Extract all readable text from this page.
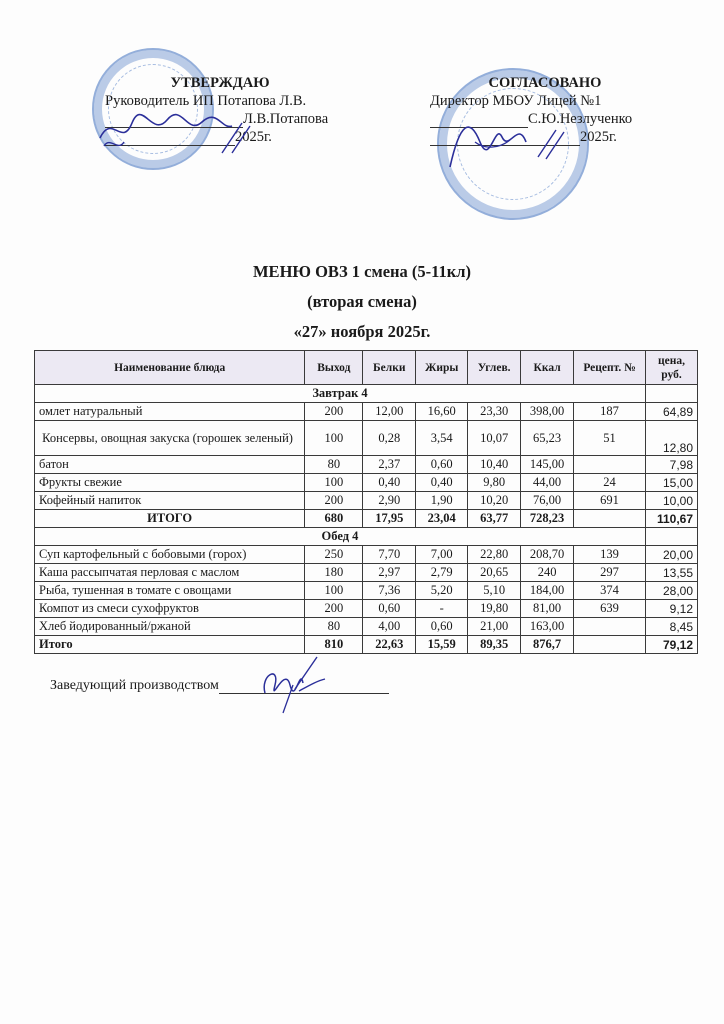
УТВЕРЖДАЮ
Руководитель ИП Потапова Л.В.
Л.В.Потапова
2025г.
СОГЛАСОВАНО
Директор МБОУ Лицей №1
С.Ю.Незлученко
2025г.
МЕНЮ ОВЗ 1 смена (5-11кл)
(вторая смена)
«27» ноября 2025г.
Наименование блюда	Выход	Белки	Жиры	Углев.	Ккал	Рецепт. №	цена, руб.
Завтрак 4							
омлет натуральный	200	12,00	16,60	23,30	398,00	187	64,89
Консервы, овощная закуска (горошек зеленый)	100	0,28	3,54	10,07	65,23	51	12,80
батон	80	2,37	0,60	10,40	145,00		7,98
Фрукты свежие	100	0,40	0,40	9,80	44,00	24	15,00
Кофейный напиток	200	2,90	1,90	10,20	76,00	691	10,00
ИТОГО	680	17,95	23,04	63,77	728,23		110,67
Обед 4							
Суп картофельный с бобовыми (горох)	250	7,70	7,00	22,80	208,70	139	20,00
Каша рассыпчатая перловая с маслом	180	2,97	2,79	20,65	240	297	13,55
Рыба, тушенная в томате с овощами	100	7,36	5,20	5,10	184,00	374	28,00
Компот из смеси сухофруктов	200	0,60	-	19,80	81,00	639	9,12
Хлеб йодированный/ржаной	80	4,00	0,60	21,00	163,00		8,45
Итого	810	22,63	15,59	89,35	876,7		79,12
Заведующий производством
